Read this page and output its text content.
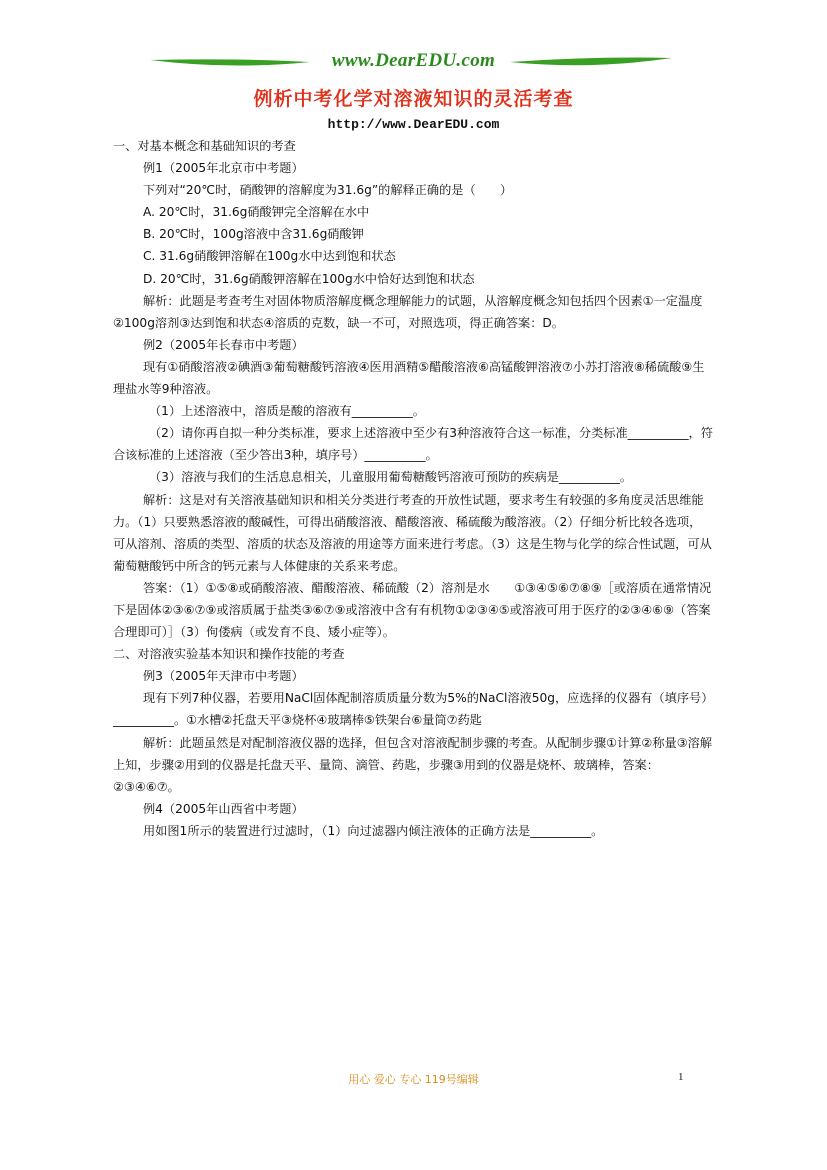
www.DearEDU.com
例析中考化学对溶液知识的灵活考查
http://www.DearEDU.com

一、对基本概念和基础知识的考查

例1（2005年北京市中考题）

下列对“20℃时，硝酸钾的溶解度为31.6g”的解释正确的是（　　）

A. 20℃时，31.6g硝酸钾完全溶解在水中

B. 20℃时，100g溶液中含31.6g硝酸钾

C. 31.6g硝酸钾溶解在100g水中达到饱和状态

D. 20℃时，31.6g硝酸钾溶解在100g水中恰好达到饱和状态

解析：此题是考查考生对固体物质溶解度概念理解能力的试题，从溶解度概念知包括四个因素①一定温度②100g溶剂③达到饱和状态④溶质的克数，缺一不可，对照选项，得正确答案：D。

例2（2005年长春市中考题）

现有①硝酸溶液②碘酒③葡萄糖酸钙溶液④医用酒精⑤醋酸溶液⑥高锰酸钾溶液⑦小苏打溶液⑧稀硫酸⑨生理盐水等9种溶液。

（1）上述溶液中，溶质是酸的溶液有__________。

（2）请你再自拟一种分类标准，要求上述溶液中至少有3种溶液符合这一标准，分类标准__________，符合该标准的上述溶液（至少答出3种，填序号）__________。

（3）溶液与我们的生活息息相关，儿童服用葡萄糖酸钙溶液可预防的疾病是__________。

解析：这是对有关溶液基础知识和相关分类进行考查的开放性试题，要求考生有较强的多角度灵活思维能力。（1）只要熟悉溶液的酸碱性，可得出硝酸溶液、醋酸溶液、稀硫酸为酸溶液。（2）仔细分析比较各选项，可从溶剂、溶质的类型、溶质的状态及溶液的用途等方面来进行考虑。（3）这是生物与化学的综合性试题，可从葡萄糖酸钙中所含的钙元素与人体健康的关系来考虑。

答案：（1）①⑤⑧或硝酸溶液、醋酸溶液、稀硫酸（2）溶剂是水　　①③④⑤⑥⑦⑧⑨［或溶质在通常情况下是固体②③⑥⑦⑨或溶质属于盐类③⑥⑦⑨或溶液中含有有机物①②③④⑤或溶液可用于医疗的②③④⑥⑨（答案合理即可）］（3）佝偻病（或发育不良、矮小症等）。

二、对溶液实验基本知识和操作技能的考查

例3（2005年天津市中考题）

现有下列7种仪器，若要用NaCl固体配制溶质质量分数为5%的NaCl溶液50g，应选择的仪器有（填序号）__________。①水槽②托盘天平③烧杯④玻璃棒⑤铁架台⑥量筒⑦药匙

解析：此题虽然是对配制溶液仪器的选择，但包含对溶液配制步骤的考查。从配制步骤①计算②称量③溶解上知，步骤②用到的仪器是托盘天平、量筒、滴管、药匙，步骤③用到的仪器是烧杯、玻璃棒，答案：②③④⑥⑦。

例4（2005年山西省中考题）

用如图1所示的装置进行过滤时，（1）向过滤器内倾注液体的正确方法是__________。

用心 爱心 专心 119号编辑	1
